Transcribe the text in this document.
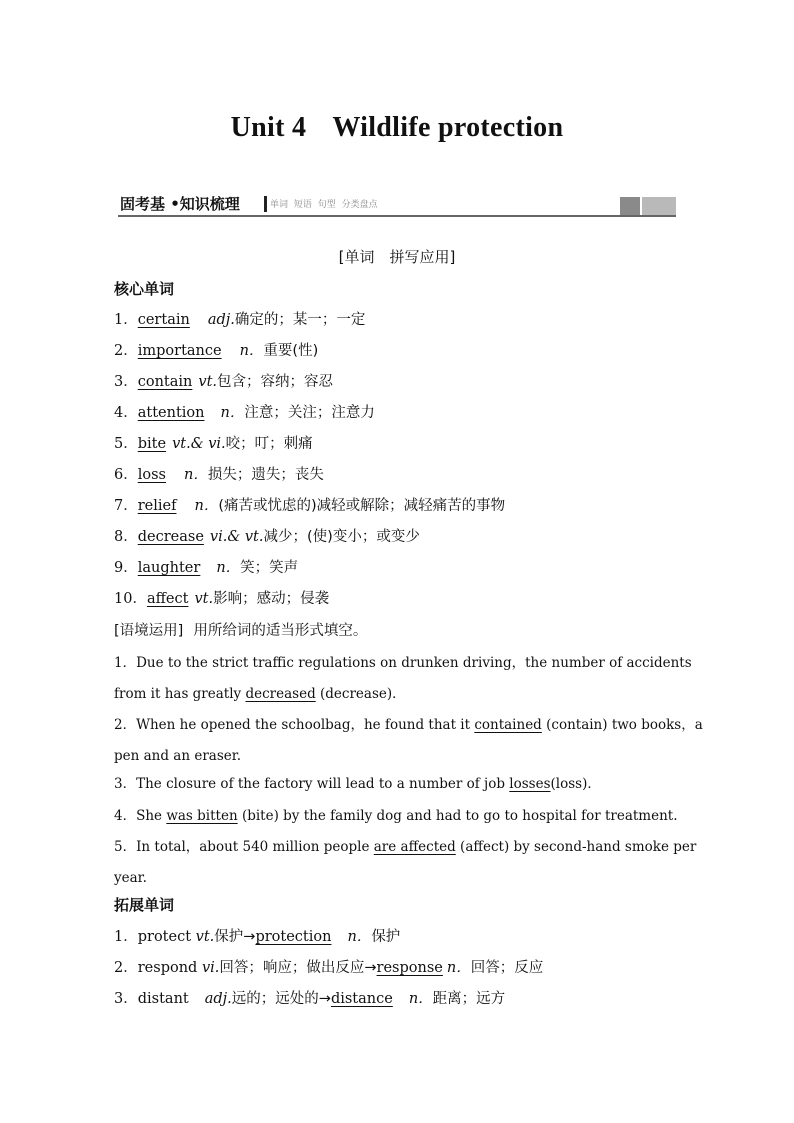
Unit 4 Wildlife protection
固考基 •知识梳理	单词 短语 句型 分类盘点
[单词　拼写应用]
核心单词
1．certain adj.确定的；某一；一定
2．importance n．重要(性)
3．contain vt.包含；容纳；容忍
4．attention n．注意；关注；注意力
5．bite vt.& vi.咬；叮；刺痛
6．loss n．损失；遗失；丧失
7．relief n．(痛苦或忧虑的)减轻或解除；减轻痛苦的事物
8．decrease vi.& vt.减少；(使)变小；或变少
9．laughter n．笑；笑声
10．affect vt.影响；感动；侵袭
[语境运用] 用所给词的适当形式填空。
1．Due to the strict traffic regulations on drunken driving，the number of accidents
from it has greatly decreased (decrease)．
2．When he opened the schoolbag，he found that it contained (contain) two books，a
pen and an eraser.
3．The closure of the factory will lead to a number of job losses(loss)．
4．She was bitten (bite) by the family dog and had to go to hospital for treatment.
5．In total，about 540 million people are affected (affect) by second-hand smoke per
year.
拓展单词
1．protect vt.保护→protection n．保护
2．respond vi.回答；响应；做出反应→response n．回答；反应
3．distant adj.远的；远处的→distance n．距离；远方
